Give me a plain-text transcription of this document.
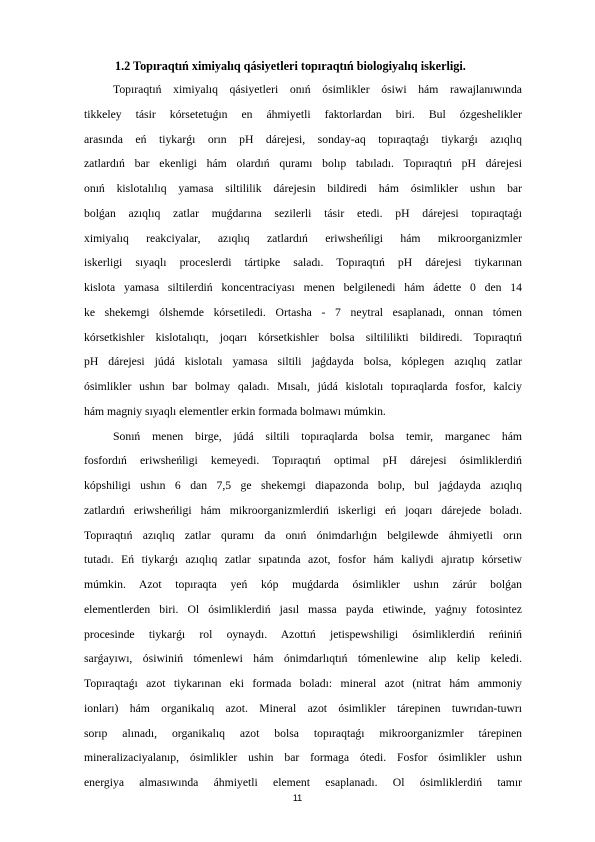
1.2 Topıraqtıń ximiyalıq qásiyetleri topıraqtıń biologiyalıq iskerligi.
Topıraqtıń ximiyalıq qásiyetleri onıń ósimlikler ósiwi hám rawajlanıwında
tikkeley tásir kórsetetuǵın en áhmiyetli faktorlardan biri. Bul ózgeshelikler
arasında eń tiykarǵı orın pH dárejesi, sonday-aq topıraqtaǵı tiykarǵı azıqlıq
zatlardıń bar ekenligi hám olardıń quramı bolıp tabıladı. Topıraqtıń pH dárejesi
onıń kislotalılıq yamasa siltililik dárejesin bildiredi hám ósimlikler ushın bar
bolǵan azıqlıq zatlar muǵdarına sezilerli tásir etedi. pH dárejesi topıraqtaǵı
ximiyalıq reakciyalar, azıqlıq zatlardıń eriwsheńligi hám mikroorganizmler
iskerligi sıyaqlı proceslerdi tártipke saladı. Topıraqtıń pH dárejesi tiykarınan
kislota yamasa siltilerdiń koncentraciyası menen belgilenedi hám ádette 0 den 14
ke shekemgi ólshemde kórsetiledi. Ortasha - 7 neytral esaplanadı, onnan tómen
kórsetkishler kislotalıqtı, joqarı kórsetkishler bolsa siltililikti bildiredi. Topıraqtıń
pH dárejesi júdá kislotalı yamasa siltili jaǵdayda bolsa, kóplegen azıqlıq zatlar
ósimlikler ushın bar bolmay qaladı. Mısalı, júdá kislotalı topıraqlarda fosfor, kalciy
hám magniy sıyaqlı elementler erkin formada bolmawı múmkin.
Sonıń menen birge, júdá siltili topıraqlarda bolsa temir, marganec hám
fosfordıń eriwsheńligi kemeyedi. Topıraqtıń optimal pH dárejesi ósimliklerdiń
kópshiligi ushın 6 dan 7,5 ge shekemgi diapazonda bolıp, bul jaǵdayda azıqlıq
zatlardıń eriwsheńligi hám mikroorganizmlerdiń iskerligi eń joqarı dárejede boladı.
Topıraqtıń azıqlıq zatlar quramı da onıń ónimdarlıǵın belgilewde áhmiyetli orın
tutadı. Eń tiykarǵı azıqlıq zatlar sıpatında azot, fosfor hám kaliydi ajıratıp kórsetiw
múmkin. Azot topıraqta yeń kóp muǵdarda ósimlikler ushın zárúr bolǵan
elementlerden biri. Ol ósimliklerdiń jasıl massa payda etiwinde, yaǵnıy fotosintez
procesinde tiykarǵı rol oynaydı. Azottıń jetispewshiligi ósimliklerdiń reńiniń
sarǵayıwı, ósiwiniń tómenlewi hám ónimdarlıqtıń tómenlewine alıp kelip keledi.
Topıraqtaǵı azot tiykarınan eki formada boladı: mineral azot (nitrat hám ammoniy
ionları) hám organikalıq azot. Mineral azot ósimlikler tárepinen tuwrıdan-tuwrı
sorıp alınadı, organikalıq azot bolsa topıraqtaǵı mikroorganizmler tárepinen
mineralizaciyalanıp, ósimlikler ushin bar formaga ótedi. Fosfor ósimlikler ushın
energiya almasıwında áhmiyetli element esaplanadı. Ol ósimliklerdiń tamır
11
